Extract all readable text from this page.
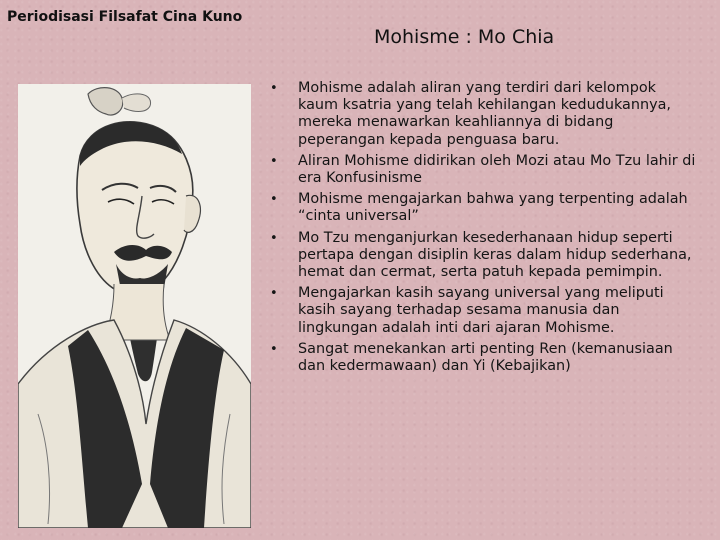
Periodisasi Filsafat Cina Kuno
Mohisme : Mo Chia
•	Mohisme adalah aliran yang terdiri dari kelompok kaum ksatria yang telah kehilangan kedudukannya, mereka menawarkan keahliannya di bidang peperangan kepada penguasa baru.
•	Aliran Mohisme didirikan oleh Mozi atau Mo Tzu lahir di era Konfusinisme
•	Mohisme mengajarkan bahwa yang terpenting adalah “cinta universal”
•	Mo Tzu menganjurkan kesederhanaan hidup seperti pertapa dengan disiplin keras dalam hidup sederhana, hemat dan cermat, serta patuh kepada pemimpin.
•	Mengajarkan kasih sayang universal yang meliputi kasih sayang terhadap sesama manusia dan lingkungan adalah inti dari ajaran Mohisme.
•	Sangat menekankan arti penting Ren (kemanusiaan dan kedermawaan) dan Yi (Kebajikan)
